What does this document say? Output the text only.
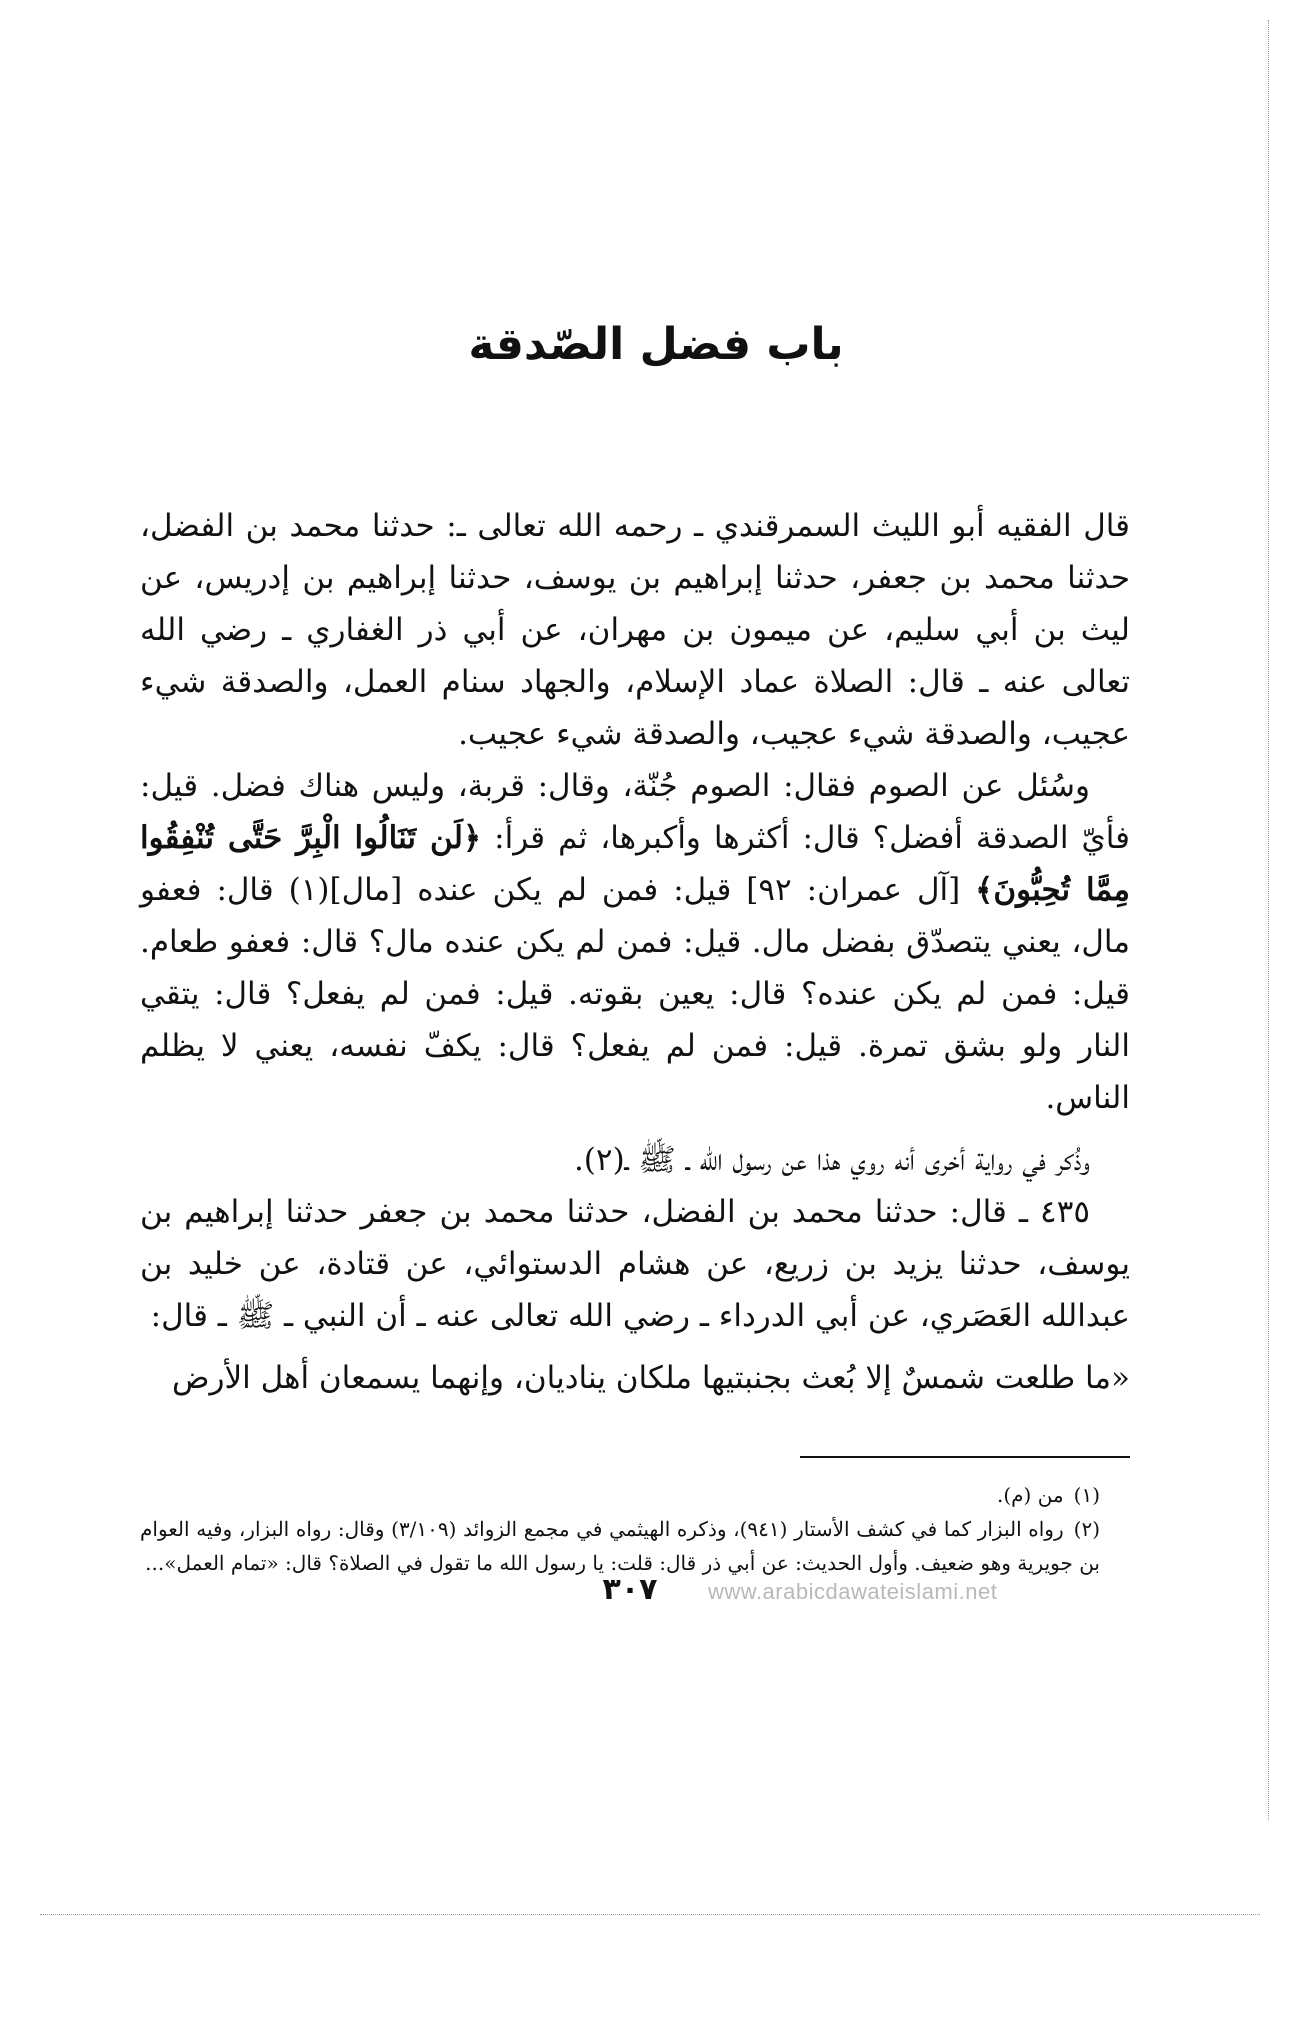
باب فضل الصّدقة

قال الفقيه أبو الليث السمرقندي ـ رحمه الله تعالى ـ: حدثنا محمد بن الفضل، حدثنا محمد بن جعفر، حدثنا إبراهيم بن يوسف، حدثنا إبراهيم بن إدريس، عن ليث بن أبي سليم، عن ميمون بن مهران، عن أبي ذر الغفاري ـ رضي الله تعالى عنه ـ قال: الصلاة عماد الإسلام، والجهاد سنام العمل، والصدقة شيء عجيب، والصدقة شيء عجيب، والصدقة شيء عجيب.

وسُئل عن الصوم فقال: الصوم جُنّة، وقال: قربة، وليس هناك فضل. قيل: فأيّ الصدقة أفضل؟ قال: أكثرها وأكبرها، ثم قرأ: ﴿لَن تَنَالُوا الْبِرَّ حَتَّى تُنْفِقُوا مِمَّا تُحِبُّونَ﴾ [آل عمران: ٩٢] قيل: فمن لم يكن عنده [مال](١) قال: فعفو مال، يعني يتصدّق بفضل مال. قيل: فمن لم يكن عنده مال؟ قال: فعفو طعام. قيل: فمن لم يكن عنده؟ قال: يعين بقوته. قيل: فمن لم يفعل؟ قال: يتقي النار ولو بشق تمرة. قيل: فمن لم يفعل؟ قال: يكفّ نفسه، يعني لا يظلم الناس.

وذُكر في رواية أخرى أنه روي هذا عن رسول الله ـ ﷺ ـ(٢).

٤٣٥ ـ قال: حدثنا محمد بن الفضل، حدثنا محمد بن جعفر حدثنا إبراهيم بن يوسف، حدثنا يزيد بن زريع، عن هشام الدستوائي، عن قتادة، عن خليد بن عبدالله العَصَري، عن أبي الدرداء ـ رضي الله تعالى عنه ـ أن النبي ـ ﷺ ـ قال:

«ما طلعت شمسٌ إلا بُعث بجنبتيها ملكان يناديان، وإنهما يسمعان أهل الأرض

(١)من (م).

(٢)رواه البزار كما في كشف الأستار (٩٤١)، وذكره الهيثمي في مجمع الزوائد (٣/١٠٩) وقال: رواه البزار، وفيه العوام بن جويرية وهو ضعيف. وأول الحديث: عن أبي ذر قال: قلت: يا رسول الله ما تقول في الصلاة؟ قال: «تمام العمل»...

٣٠٧	www.arabicdawateislami.net
